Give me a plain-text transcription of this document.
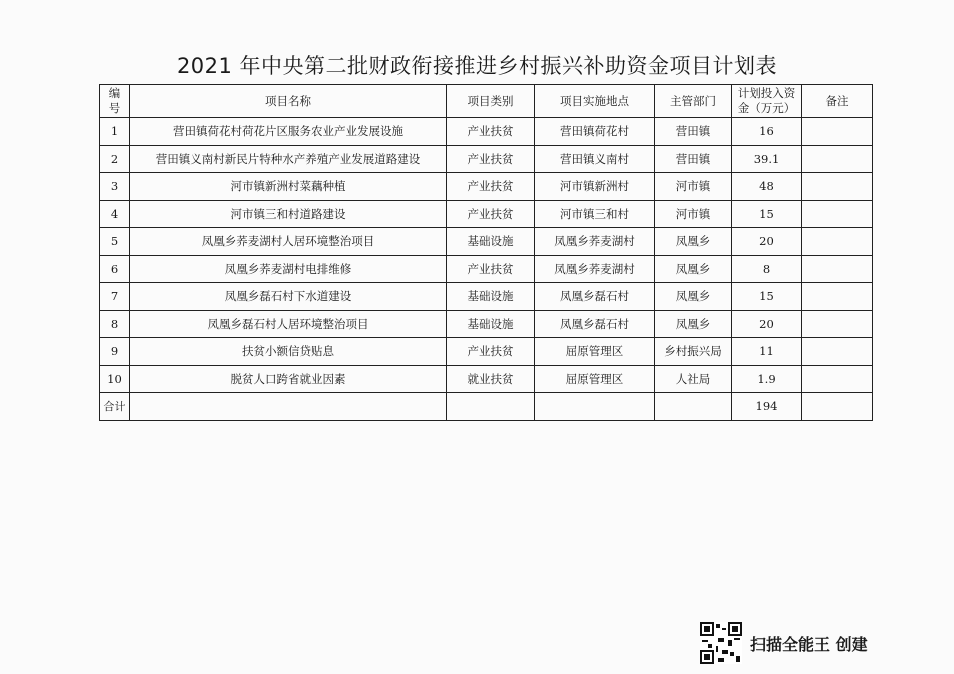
2021 年中央第二批财政衔接推进乡村振兴补助资金项目计划表
编号	项目名称	项目类别	项目实施地点	主管部门	计划投入资金（万元）	备注
1	营田镇荷花村荷花片区服务农业产业发展设施	产业扶贫	营田镇荷花村	营田镇	16	
2	营田镇义南村新民片特种水产养殖产业发展道路建设	产业扶贫	营田镇义南村	营田镇	39.1	
3	河市镇新洲村菜藕种植	产业扶贫	河市镇新洲村	河市镇	48	
4	河市镇三和村道路建设	产业扶贫	河市镇三和村	河市镇	15	
5	凤凰乡荞麦湖村人居环境整治项目	基础设施	凤凰乡荞麦湖村	凤凰乡	20	
6	凤凰乡荞麦湖村电排维修	产业扶贫	凤凰乡荞麦湖村	凤凰乡	8	
7	凤凰乡磊石村下水道建设	基础设施	凤凰乡磊石村	凤凰乡	15	
8	凤凰乡磊石村人居环境整治项目	基础设施	凤凰乡磊石村	凤凰乡	20	
9	扶贫小额信贷贴息	产业扶贫	屈原管理区	乡村振兴局	11	
10	脱贫人口跨省就业因素	就业扶贫	屈原管理区	人社局	1.9	
合计					194	
扫描全能王 创建
